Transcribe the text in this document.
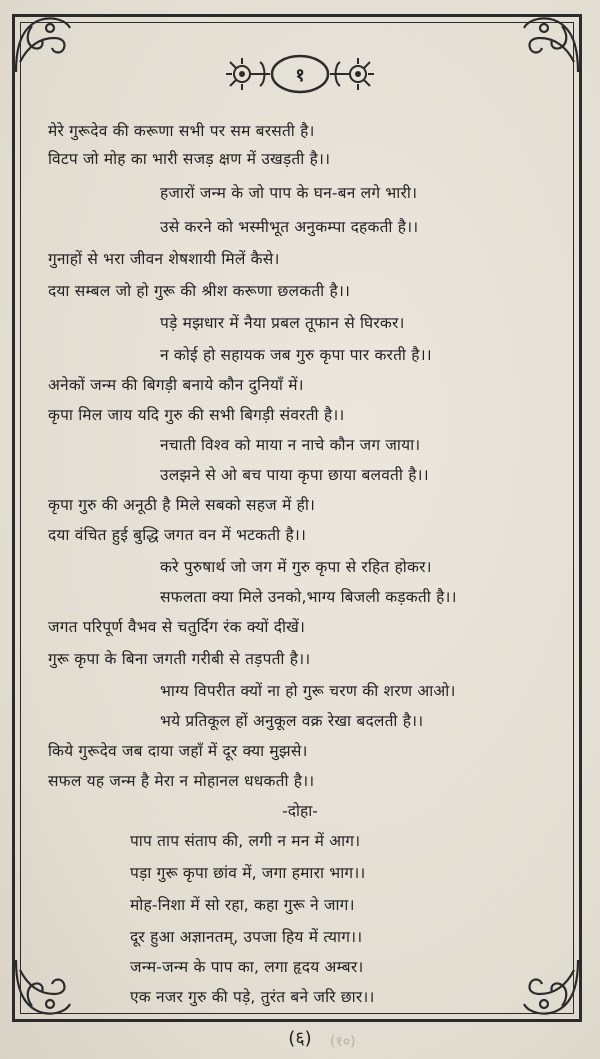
१
मेरे गुरूदेव की करूणा सभी पर सम बरसती है।
विटप जो मोह का भारी सजड़ क्षण में उखड़ती है।।
हजारों जन्म के जो पाप के घन-बन लगे भारी।
उसे करने को भस्मीभूत अनुकम्पा दहकती है।।
गुनाहों से भरा जीवन शेषशायी मिलें कैसे।
दया सम्बल जो हो गुरू की श्रीश करूणा छलकती है।।
पड़े मझधार में नैया प्रबल तूफान से घिरकर।
न कोई हो सहायक जब गुरु कृपा पार करती है।।
अनेकों जन्म की बिगड़ी बनाये कौन दुनियाँ में।
कृपा मिल जाय यदि गुरु की सभी बिगड़ी संवरती है।।
नचाती विश्व को माया न नाचे कौन जग जाया।
उलझने से ओ बच पाया कृपा छाया बलवती है।।
कृपा गुरु की अनूठी है मिले सबको सहज में ही।
दया वंचित हुई बुद्धि जगत वन में भटकती है।।
करे पुरुषार्थ जो जग में गुरु कृपा से रहित होकर।
सफलता क्या मिले उनको,भाग्य बिजली कड़कती है।।
जगत परिपूर्ण वैभव से चतुर्दिग रंक क्यों दीखें।
गुरू कृपा के बिना जगती गरीबी से तड़पती है।।
भाग्य विपरीत क्यों ना हो गुरू चरण की शरण आओ।
भये प्रतिकूल हों अनुकूल वक्र रेखा बदलती है।।
किये गुरूदेव जब दाया जहाँ में दूर क्या मुझसे।
सफल यह जन्म है मेरा न मोहानल धधकती है।।
-दोहा-
पाप ताप संताप की, लगी न मन में आग।
पड़ा गुरू कृपा छांव में, जगा हमारा भाग।।
मोह-निशा में सो रहा, कहा गुरू ने जाग।
दूर हुआ अज्ञानतम्, उपजा हिय में त्याग।।
जन्म-जन्म के पाप का, लगा हृदय अम्बर।
एक नजर गुरु की पड़े, तुरंत बने जरि छार।।
(६)	(१०)
